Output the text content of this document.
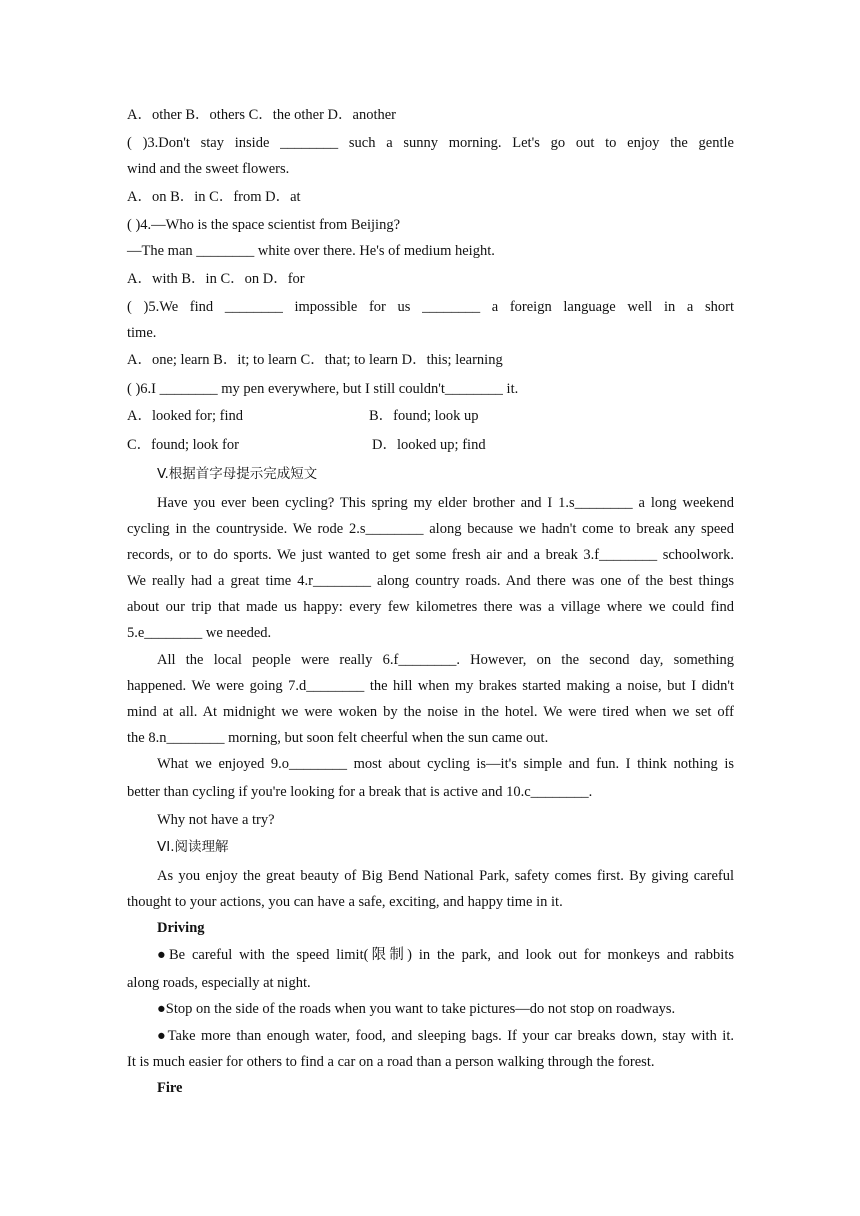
A．other B．others C．the other D．another
( )3.Don't stay inside ________ such a sunny morning. Let's go out to enjoy the gentle
wind and the sweet flowers.
A．on B．in C．from D．at
( )4.—Who is the space scientist from Beijing?
—The man ________ white over there. He's of medium height.
A．with B．in C．on D．for
( )5.We find ________ impossible for us ________ a foreign language well in a short
time.
A．one; learn B．it; to learn C．that; to learn D．this; learning
( )6.I ________ my pen everywhere, but I still couldn't________ it.
A．looked for; find	B．found; look up
C．found; look for	D．looked up; find
V.根据首字母提示完成短文
Have you ever been cycling? This spring my elder brother and I 1.s________ a long weekend
cycling in the countryside. We rode 2.s________ along because we hadn't come to break any speed
records, or to do sports. We just wanted to get some fresh air and a break 3.f________ schoolwork.
We really had a great time 4.r________ along country roads. And there was one of the best things
about our trip that made us happy: every few kilometres there was a village where we could find
5.e________ we needed.
All the local people were really 6.f________. However, on the second day, something
happened. We were going 7.d________ the hill when my brakes started making a noise, but I didn't
mind at all. At midnight we were woken by the noise in the hotel. We were tired when we set off
the 8.n________ morning, but soon felt cheerful when the sun came out.
What we enjoyed 9.o________ most about cycling is—it's simple and fun. I think nothing is
better than cycling if you're looking for a break that is active and 10.c________.
Why not have a try?
VI.阅读理解
As you enjoy the great beauty of Big Bend National Park, safety comes first. By giving careful
thought to your actions, you can have a safe, exciting, and happy time in it.
Driving
●Be careful with the speed limit(限制) in the park, and look out for monkeys and rabbits
along roads, especially at night.
●Stop on the side of the roads when you want to take pictures—do not stop on roadways.
●Take more than enough water, food, and sleeping bags. If your car breaks down, stay with it.
It is much easier for others to find a car on a road than a person walking through the forest.
Fire
